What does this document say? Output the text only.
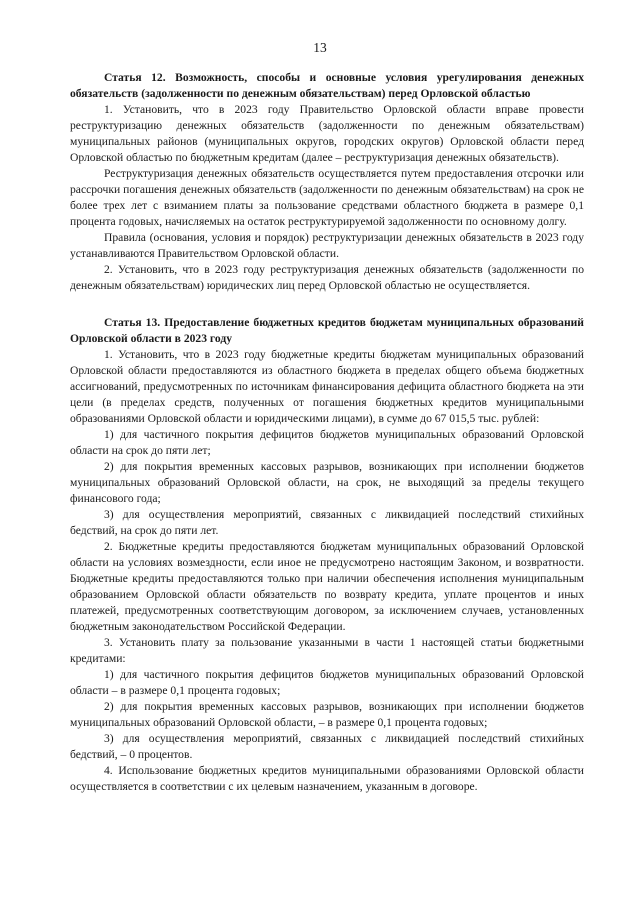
13

Статья 12. Возможность, способы и основные условия урегулирования денежных обязательств (задолженности по денежным обязательствам) перед Орловской областью

1. Установить, что в 2023 году Правительство Орловской области вправе провести реструктуризацию денежных обязательств (задолженности по денежным обязательствам) муниципальных районов (муниципальных округов, городских округов) Орловской области перед Орловской областью по бюджетным кредитам (далее – реструктуризация денежных обязательств).

Реструктуризация денежных обязательств осуществляется путем предоставления отсрочки или рассрочки погашения денежных обязательств (задолженности по денежным обязательствам) на срок не более трех лет с взиманием платы за пользование средствами областного бюджета в размере 0,1 процента годовых, начисляемых на остаток реструктурируемой задолженности по основному долгу.

Правила (основания, условия и порядок) реструктуризации денежных обязательств в 2023 году устанавливаются Правительством Орловской области.

2. Установить, что в 2023 году реструктуризация денежных обязательств (задолженности по денежным обязательствам) юридических лиц перед Орловской областью не осуществляется.

Статья 13. Предоставление бюджетных кредитов бюджетам муниципальных образований Орловской области в 2023 году

1. Установить, что в 2023 году бюджетные кредиты бюджетам муниципальных образований Орловской области предоставляются из областного бюджета в пределах общего объема бюджетных ассигнований, предусмотренных по источникам финансирования дефицита областного бюджета на эти цели (в пределах средств, полученных от погашения бюджетных кредитов муниципальными образованиями Орловской области и юридическими лицами), в сумме до 67 015,5 тыс. рублей:

1) для частичного покрытия дефицитов бюджетов муниципальных образований Орловской области на срок до пяти лет;

2) для покрытия временных кассовых разрывов, возникающих при исполнении бюджетов муниципальных образований Орловской области, на срок, не выходящий за пределы текущего финансового года;

3) для осуществления мероприятий, связанных с ликвидацией последствий стихийных бедствий, на срок до пяти лет.

2. Бюджетные кредиты предоставляются бюджетам муниципальных образований Орловской области на условиях возмездности, если иное не предусмотрено настоящим Законом, и возвратности. Бюджетные кредиты предоставляются только при наличии обеспечения исполнения муниципальным образованием Орловской области обязательств по возврату кредита, уплате процентов и иных платежей, предусмотренных соответствующим договором, за исключением случаев, установленных бюджетным законодательством Российской Федерации.

3. Установить плату за пользование указанными в части 1 настоящей статьи бюджетными кредитами:

1) для частичного покрытия дефицитов бюджетов муниципальных образований Орловской области – в размере 0,1 процента годовых;

2) для покрытия временных кассовых разрывов, возникающих при исполнении бюджетов муниципальных образований Орловской области, – в размере 0,1 процента годовых;

3) для осуществления мероприятий, связанных с ликвидацией последствий стихийных бедствий, – 0 процентов.

4. Использование бюджетных кредитов муниципальными образованиями Орловской области осуществляется в соответствии с их целевым назначением, указанным в договоре.
